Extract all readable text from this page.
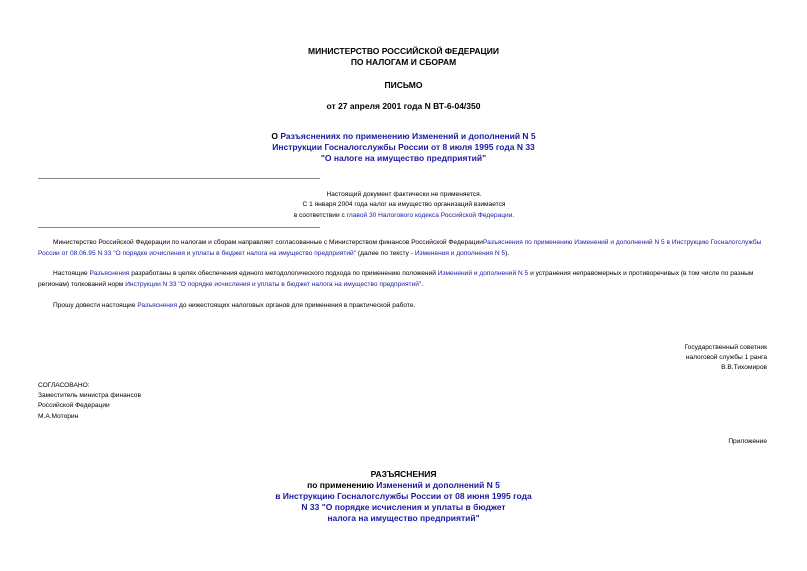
МИНИСТЕРСТВО РОССИЙСКОЙ ФЕДЕРАЦИИ
ПО НАЛОГАМ И СБОРАМ
ПИСЬМО
от 27 апреля 2001 года N ВТ-6-04/350
О Разъяснениях по применению Изменений и дополнений N 5
Инструкции Госналогслужбы России от 8 июля 1995 года N 33
"О налоге на имущество предприятий"
Настоящий документ фактически не применяется.
С 1 января 2004 года налог на имущество организаций взимается
в соответствии с главой 30 Налогового кодекса Российской Федерации.
Министерство Российской Федерации по налогам и сборам направляет согласованные с Министерством финансов Российской ФедерацииРазъяснения по применению Изменений и дополнений N 5 в Инструкцию Госналогслужбы России от 08.06.95 N 33 "О порядке исчисления и уплаты в бюджет налога на имущество предприятий" (далее по тексту - Изменения и дополнения N 5).
Настоящие Разъяснения разработаны в целях обеспечения единого методологического подхода по применению положений Изменений и дополнений N 5 и устранения неправомерных и противоречивых (в том числе по разным регионам) толкований норм Инструкции N 33 "О порядке исчисления и уплаты в бюджет налога на имущество предприятий".
Прошу довести настоящие Разъяснения до нижестоящих налоговых органов для применения в практической работе.
Государственный советник
налоговой службы 1 ранга
В.В.Тихомиров
СОГЛАСОВАНО:
Заместитель министра финансов
Российской Федерации
М.А.Моторин
Приложение
РАЗЪЯСНЕНИЯ
по применению Изменений и дополнений N 5
в Инструкцию Госналогслужбы России от 08 июня 1995 года
N 33 "О порядке исчисления и уплаты в бюджет
налога на имущество предприятий"
